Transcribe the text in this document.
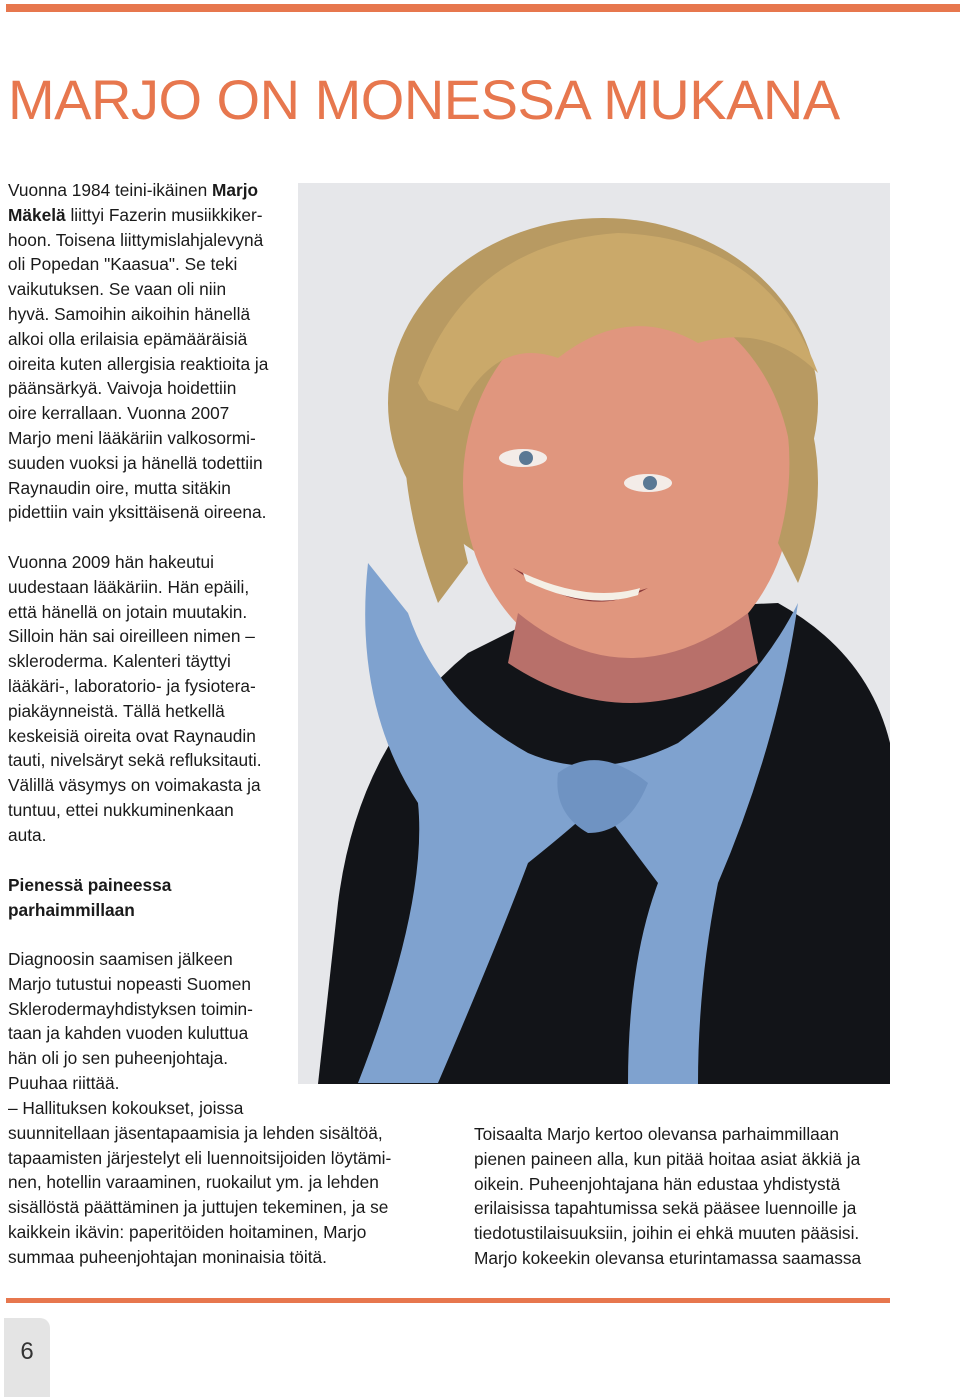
MARJO ON MONESSA MUKANA

Vuonna 1984 teini-ikäinen Marjo

Mäkelä liittyi Fazerin musiikkiker-

hoon. Toisena liittymislahjalevynä

oli Popedan "Kaasua". Se teki

vaikutuksen. Se vaan oli niin

hyvä. Samoihin aikoihin hänellä

alkoi olla erilaisia epämääräisiä

oireita kuten allergisia reaktioita ja

päänsärkyä. Vaivoja hoidettiin

oire kerrallaan. Vuonna 2007

Marjo meni lääkäriin valkosormi-

suuden vuoksi ja hänellä todettiin

Raynaudin oire, mutta sitäkin

pidettiin vain yksittäisenä oireena.

Vuonna 2009 hän hakeutui

uudestaan lääkäriin. Hän epäili,

että hänellä on jotain muutakin.

Silloin hän sai oireilleen nimen –

skleroderma. Kalenteri täyttyi

lääkäri-, laboratorio- ja fysiotera-

piakäynneistä. Tällä hetkellä

keskeisiä oireita ovat Raynaudin

tauti, nivelsäryt sekä refluksitauti.

Välillä väsymys on voimakasta ja

tuntuu, ettei nukkuminenkaan

auta.

Pienessä paineessa

parhaimmillaan

Diagnoosin saamisen jälkeen

Marjo tutustui nopeasti Suomen

Sklerodermayhdistyksen toimin-

taan ja kahden vuoden kuluttua

hän oli jo sen puheenjohtaja.

Puuhaa riittää.

– Hallituksen kokoukset, joissa

suunnitellaan jäsentapaamisia ja lehden sisältöä,

tapaamisten järjestelyt eli luennoitsijoiden löytämi-

nen, hotellin varaaminen, ruokailut ym. ja lehden

sisällöstä päättäminen ja juttujen tekeminen, ja se

kaikkein ikävin: paperitöiden hoitaminen, Marjo

summaa puheenjohtajan moninaisia töitä.

Toisaalta Marjo kertoo olevansa parhaimmillaan

pienen paineen alla, kun pitää hoitaa asiat äkkiä ja

oikein. Puheenjohtajana hän edustaa yhdistystä

erilaisissa tapahtumissa sekä pääsee luennoille ja

tiedotustilaisuuksiin, joihin ei ehkä muuten pääsisi.

Marjo kokeekin olevansa eturintamassa saamassa

6
